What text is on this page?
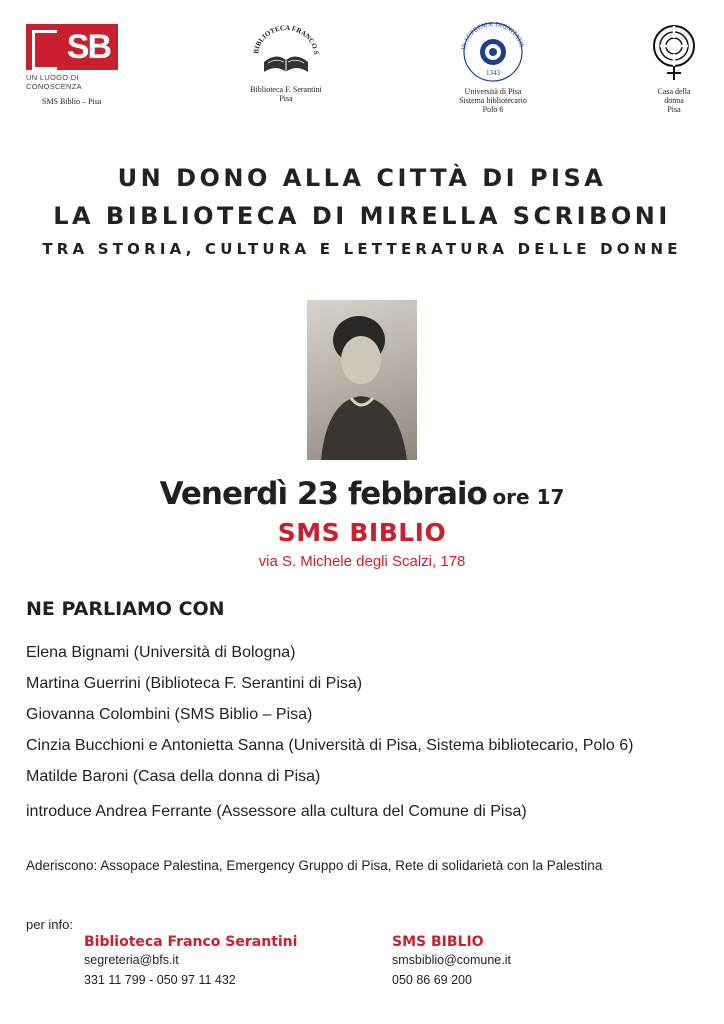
SB
UN LUOGO DI CONOSCENZA
SMS Biblio – Pisa
BIBLIOTECA FRANCO S
Biblioteca F. Serantini
Pisa
IN SUPREMÆ DIGNITATIS
1343
Università di Pisa
Sistema bibliotecario
Polo 6
Casa della
donna
Pisa
UN DONO ALLA CITTÀ DI PISA
LA BIBLIOTECA DI MIRELLA SCRIBONI
TRA STORIA, CULTURA E LETTERATURA DELLE DONNE
Venerdì 23 febbraio ore 17
SMS BIBLIO
via S. Michele degli Scalzi, 178
NE PARLIAMO CON
Elena Bignami (Università di Bologna)
Martina Guerrini (Biblioteca F. Serantini di Pisa)
Giovanna Colombini (SMS Biblio – Pisa)
Cinzia Bucchioni e Antonietta Sanna (Università di Pisa, Sistema bibliotecario, Polo 6)
Matilde Baroni (Casa della donna di Pisa)
introduce Andrea Ferrante (Assessore alla cultura del Comune di Pisa)
Aderiscono: Assopace Palestina, Emergency Gruppo di Pisa, Rete di solidarietà con la Palestina
per info:
Biblioteca Franco Serantini
segreteria@bfs.it
331 11 799 - 050 97 11 432
SMS BIBLIO
smsbiblio@comune.it
050 86 69 200
